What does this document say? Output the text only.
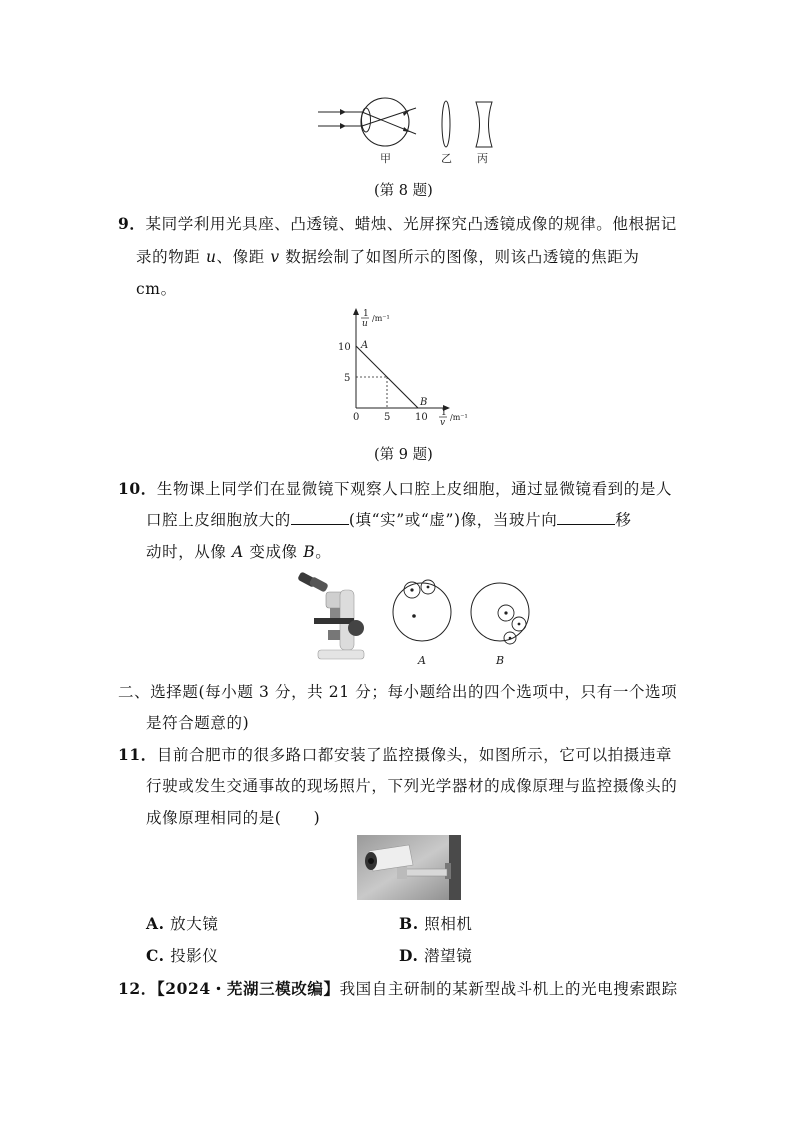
甲	乙 丙
(第 8 题)
9．某同学利用光具座、凸透镜、蜡烛、光屏探究凸透镜成像的规律。他根据记
录的物距 u、像距 v 数据绘制了如图所示的图像，则该凸透镜的焦距为
cm。
1
u
/m⁻¹
1
v
/m⁻¹
A
B
0 5 10
5
10
(第 9 题)
10．生物课上同学们在显微镜下观察人口腔上皮细胞，通过显微镜看到的是人
口腔上皮细胞放大的	(填“实”或“虚”)像，当玻片向	移
动时，从像 A 变成像 B。
A	B
二、选择题(每小题 3 分，共 21 分；每小题给出的四个选项中，只有一个选项
是符合题意的)
11．目前合肥市的很多路口都安装了监控摄像头，如图所示，它可以拍摄违章
行驶或发生交通事故的现场照片，下列光学器材的成像原理与监控摄像头的
成像原理相同的是(　　)
A. 放大镜	B. 照相机
C. 投影仪	D. 潜望镜
12．【2024・芜湖三模改编】我国自主研制的某新型战斗机上的光电搜索跟踪
